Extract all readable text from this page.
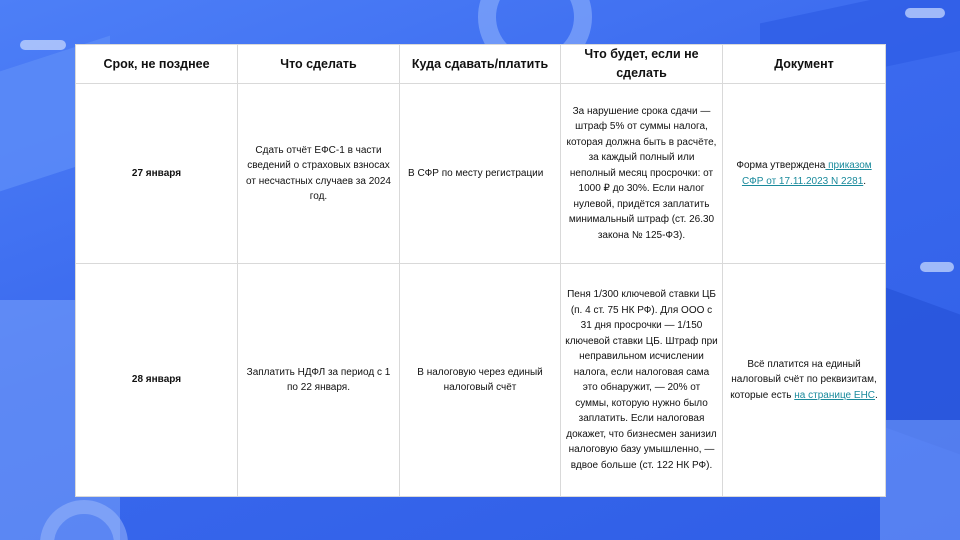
Срок, не позднее	Что сделать	Куда сдавать/платить	Что будет, если не сделать	Документ
27 января	Сдать отчёт ЕФС-1 в части сведений о страховых взносах от несчастных случаев за 2024 год.	В СФР по месту регистрации	За нарушение срока сдачи — штраф 5% от суммы налога, которая должна быть в расчёте, за каждый полный или неполный месяц просрочки: от 1000 ₽ до 30%. Если налог нулевой, придётся заплатить минимальный штраф (ст. 26.30 закона № 125-ФЗ).	Форма утверждена приказом СФР от 17.11.2023 N 2281.
28 января	Заплатить НДФЛ за период с 1 по 22 января.	В налоговую через единый налоговый счёт	Пеня 1/300 ключевой ставки ЦБ (п. 4 ст. 75 НК РФ). Для ООО с 31 дня просрочки — 1/150 ключевой ставки ЦБ. Штраф при неправильном исчислении налога, если налоговая сама это обнаружит, — 20% от суммы, которую нужно было заплатить. Если налоговая докажет, что бизнесмен занизил налоговую базу умышленно, — вдвое больше (ст. 122 НК РФ).	Всё платится на единый налоговый счёт по реквизитам, которые есть на странице ЕНС.
